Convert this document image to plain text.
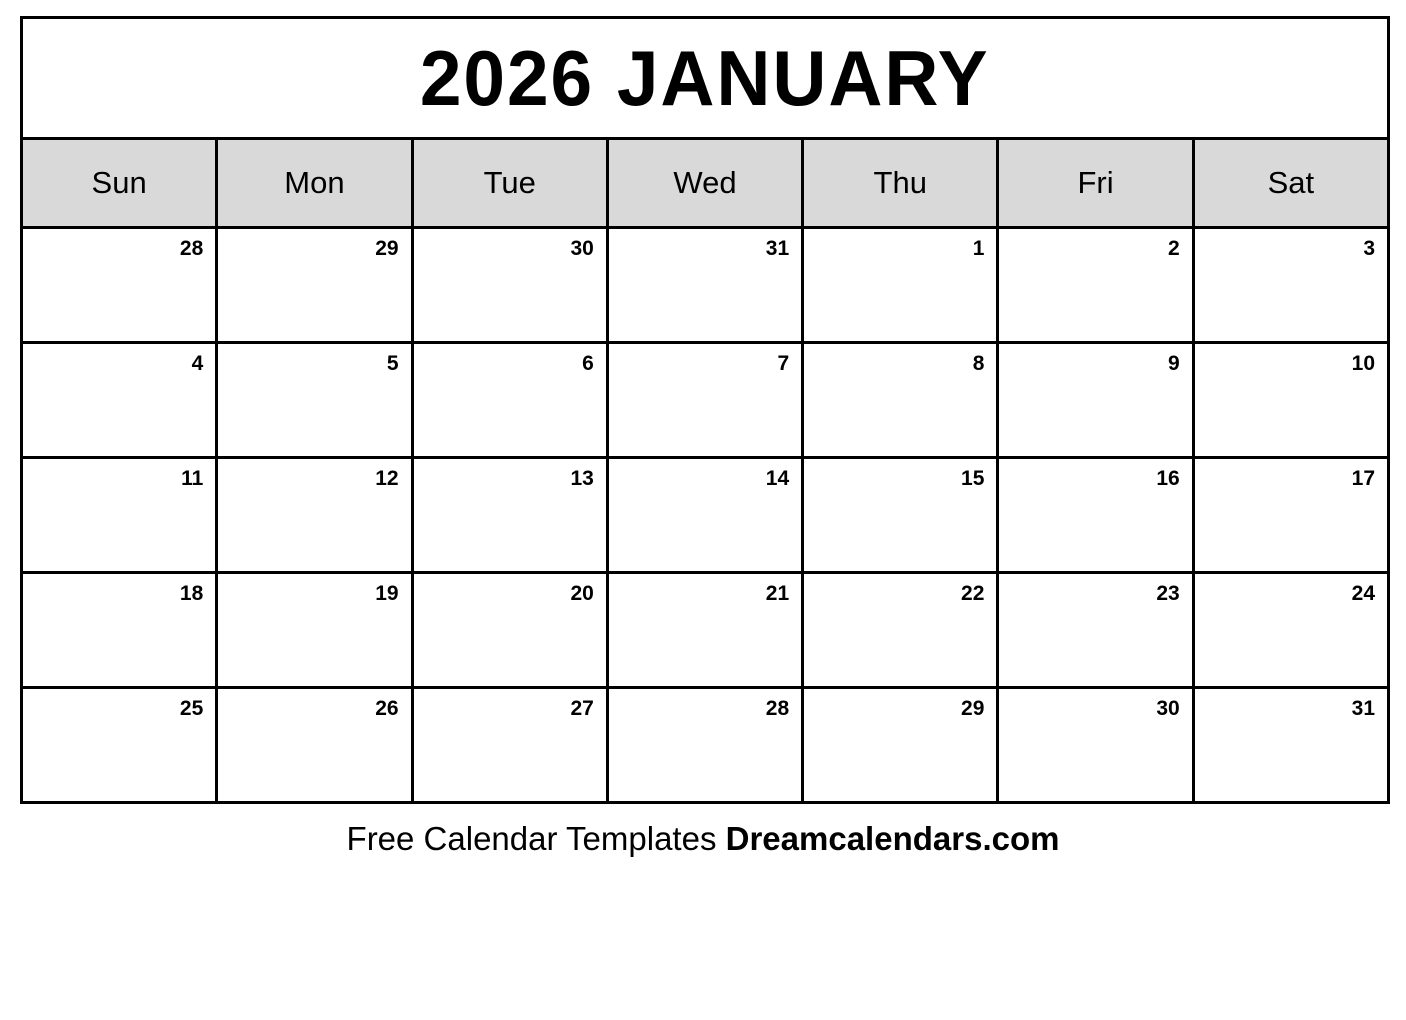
2026 JANUARY
Sun	Mon	Tue	Wed	Thu	Fri	Sat
28	29	30	31	1	2	3
4	5	6	7	8	9	10
11	12	13	14	15	16	17
18	19	20	21	22	23	24
25	26	27	28	29	30	31
Free Calendar Templates Dreamcalendars.com
